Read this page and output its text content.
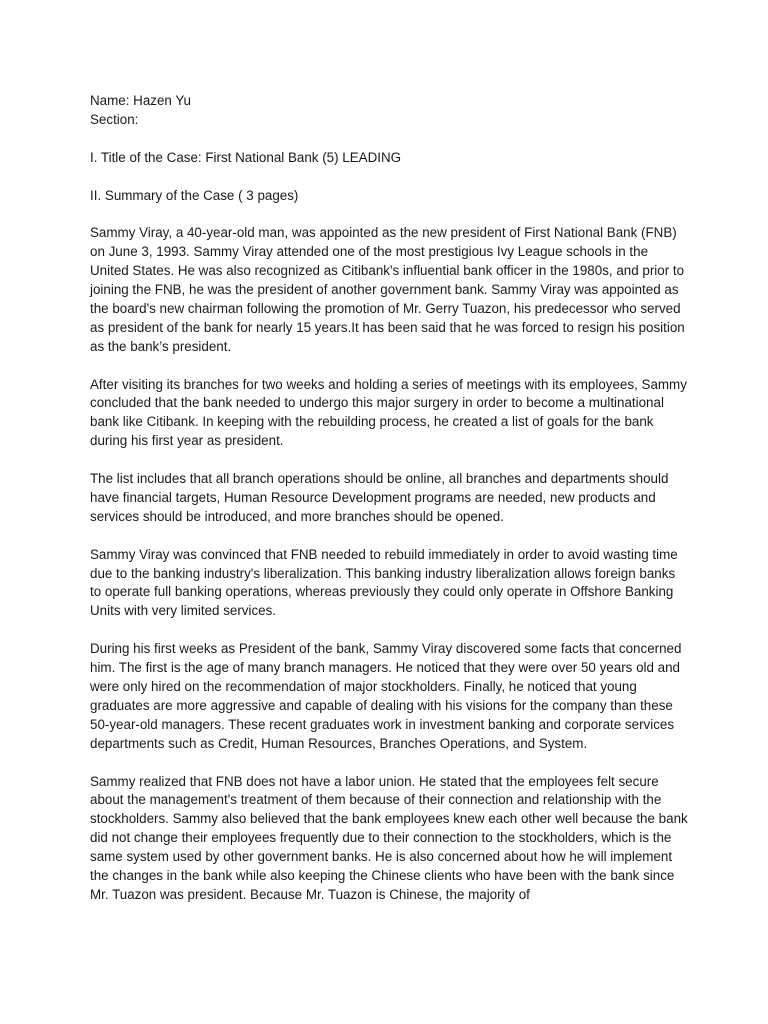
Name: Hazen Yu

Section:

I. Title of the Case: First National Bank (5) LEADING

II. Summary of the Case ( 3 pages)

Sammy Viray, a 40-year-old man, was appointed as the new president of First National Bank (FNB) on June 3, 1993. Sammy Viray attended one of the most prestigious Ivy League schools in the United States. He was also recognized as Citibank's influential bank officer in the 1980s, and prior to joining the FNB, he was the president of another government bank. Sammy Viray was appointed as the board's new chairman following the promotion of Mr. Gerry Tuazon, his predecessor who served as president of the bank for nearly 15 years.It has been said that he was forced to resign his position as the bank’s president.

After visiting its branches for two weeks and holding a series of meetings with its employees, Sammy concluded that the bank needed to undergo this major surgery in order to become a multinational bank like Citibank. In keeping with the rebuilding process, he created a list of goals for the bank during his first year as president.

The list includes that all branch operations should be online, all branches and departments should have financial targets, Human Resource Development programs are needed, new products and services should be introduced, and more branches should be opened.

Sammy Viray was convinced that FNB needed to rebuild immediately in order to avoid wasting time due to the banking industry's liberalization. This banking industry liberalization allows foreign banks to operate full banking operations, whereas previously they could only operate in Offshore Banking Units with very limited services.

During his first weeks as President of the bank, Sammy Viray discovered some facts that concerned him. The first is the age of many branch managers. He noticed that they were over 50 years old and were only hired on the recommendation of major stockholders. Finally, he noticed that young graduates are more aggressive and capable of dealing with his visions for the company than these 50-year-old managers. These recent graduates work in investment banking and corporate services departments such as Credit, Human Resources, Branches Operations, and System.

Sammy realized that FNB does not have a labor union. He stated that the employees felt secure about the management's treatment of them because of their connection and relationship with the stockholders. Sammy also believed that the bank employees knew each other well because the bank did not change their employees frequently due to their connection to the stockholders, which is the same system used by other government banks. He is also concerned about how he will implement the changes in the bank while also keeping the Chinese clients who have been with the bank since Mr. Tuazon was president. Because Mr. Tuazon is Chinese, the majority of
